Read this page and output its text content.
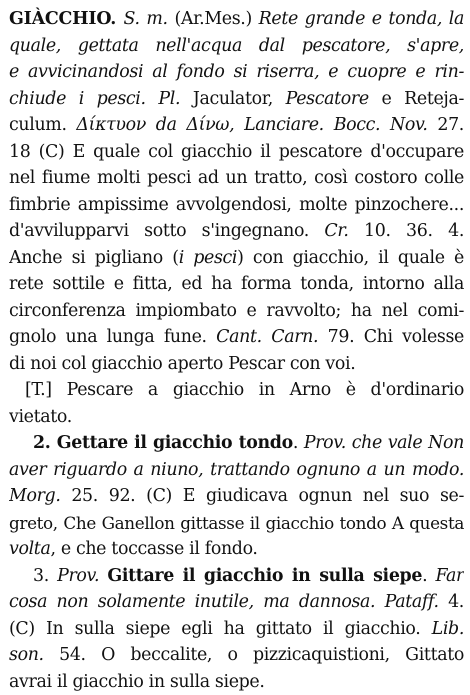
GIÀCCHIO. S. m. (Ar.Mes.) Rete grande e tonda, la
quale, gettata nell'acqua dal pescatore, s'apre,
e avvicinandosi al fondo si riserra, e cuopre e rin-
chiude i pesci. Pl. Jaculator, Pescatore e Reteja-
culum. Δίκτυον da Δίνω, Lanciare. Bocc. Nov. 27.
18 (C) E quale col giacchio il pescatore d'occupare
nel fiume molti pesci ad un tratto, così costoro colle
fimbrie ampissime avvolgendosi, molte pinzochere...
d'avvilupparvi sotto s'ingegnano. Cr. 10. 36. 4.
Anche si pigliano (i pesci) con giacchio, il quale è
rete sottile e fitta, ed ha forma tonda, intorno alla
circonferenza impiombato e ravvolto; ha nel comi-
gnolo una lunga fune. Cant. Carn. 79. Chi volesse
di noi col giacchio aperto Pescar con voi.
[T.] Pescare a giacchio in Arno è d'ordinario
vietato.
2. Gettare il giacchio tondo. Prov. che vale Non
aver riguardo a niuno, trattando ognuno a un modo.
Morg. 25. 92. (C) E giudicava ognun nel suo se-
greto, Che Ganellon gittasse il giacchio tondo A questa
volta, e che toccasse il fondo.
3. Prov. Gittare il giacchio in sulla siepe. Far
cosa non solamente inutile, ma dannosa. Pataff. 4.
(C) In sulla siepe egli ha gittato il giacchio. Lib.
son. 54. O beccalite, o pizzicaquistioni, Gittato
avrai il giacchio in sulla siepe.
